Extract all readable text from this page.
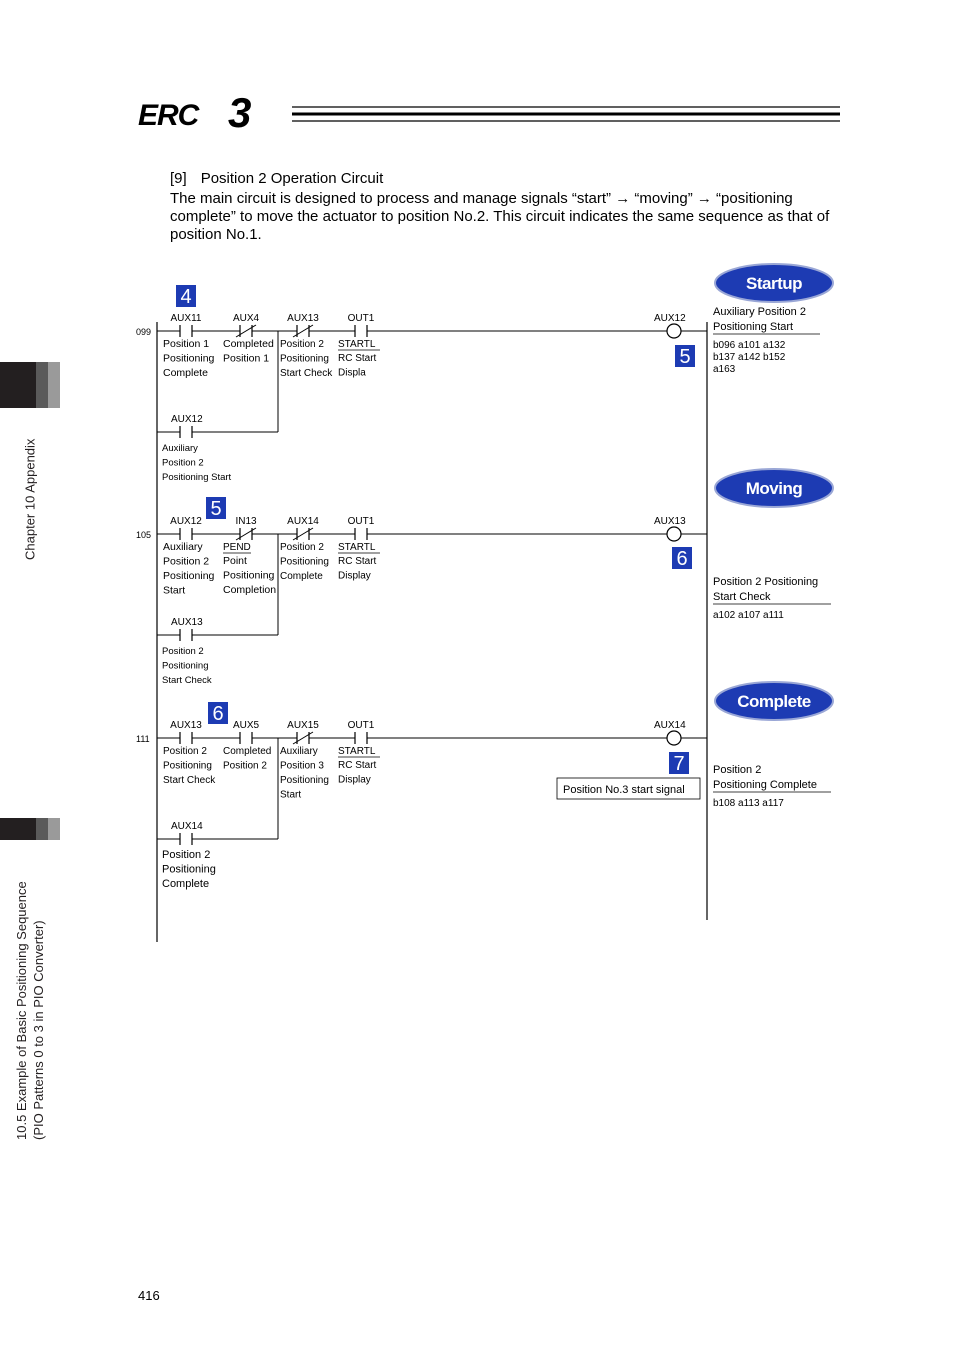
ERC 3
Chapter 10 Appendix
10.5 Example of Basic Positioning Sequence (PIO Patterns 0 to 3 in PIO Converter)
[9] Position 2 Operation Circuit
The main circuit is designed to process and manage signals “start” → “moving” → “positioning complete” to move the actuator to position No.2. This circuit indicates the same sequence as that of position No.1.
099
4
AUX11
Position 1
Positioning
Complete
AUX4
Completed
Position 1
AUX13
Position 2
Positioning
Start Check
OUT1
STARTL
RC Start
Displa
AUX12
Auxiliary
Position 2
Positioning Start
AUX12
5
Auxiliary Position 2
Positioning Start
b096 a101 a132
b137 a142 b152
a163
Startup
105
5
AUX12
Auxiliary
Position 2
Positioning
Start
IN13
PEND
Point
Positioning
Completion
AUX14
Position 2
Positioning
Complete
OUT1
STARTL
RC Start
Display
AUX13
Position 2
Positioning
Start Check
AUX13
6
Position 2 Positioning
Start Check
a102 a107 a111
Moving
111
6
AUX13
Position 2
Positioning
Start Check
AUX5
Completed
Position 2
AUX15
Auxiliary
Position 3
Positioning
Start
OUT1
STARTL
RC Start
Display
AUX14
Position 2
Positioning
Complete
AUX14
7	Position 2
Positioning Complete
b108 a113 a117
Complete
Position No.3 start signal
416
